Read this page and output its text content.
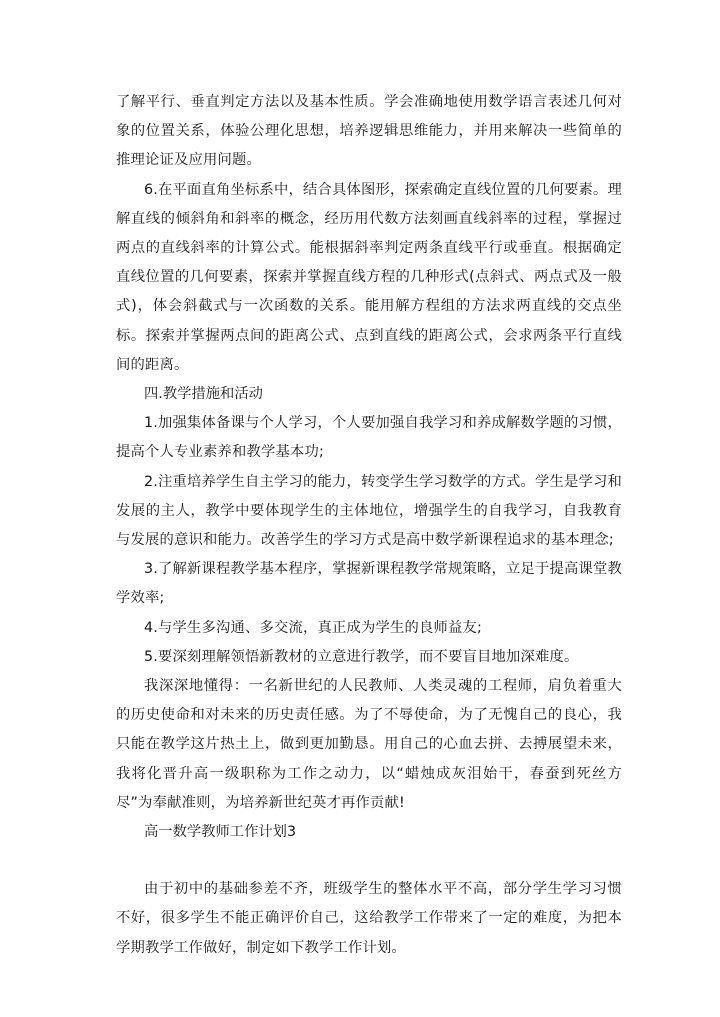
了解平行、垂直判定方法以及基本性质。学会准确地使用数学语言表述几何对象的位置关系，体验公理化思想，培养逻辑思维能力，并用来解决一些简单的推理论证及应用问题。

6.在平面直角坐标系中，结合具体图形，探索确定直线位置的几何要素。理解直线的倾斜角和斜率的概念，经历用代数方法刻画直线斜率的过程，掌握过两点的直线斜率的计算公式。能根据斜率判定两条直线平行或垂直。根据确定直线位置的几何要素，探索并掌握直线方程的几种形式(点斜式、两点式及一般式)，体会斜截式与一次函数的关系。能用解方程组的方法求两直线的交点坐标。探索并掌握两点间的距离公式、点到直线的距离公式，会求两条平行直线间的距离。

四.教学措施和活动

1.加强集体备课与个人学习，个人要加强自我学习和养成解数学题的习惯，提高个人专业素养和教学基本功;

2.注重培养学生自主学习的能力，转变学生学习数学的方式。学生是学习和发展的主人，教学中要体现学生的主体地位，增强学生的自我学习，自我教育与发展的意识和能力。改善学生的学习方式是高中数学新课程追求的基本理念;

3.了解新课程教学基本程序，掌握新课程教学常规策略，立足于提高课堂教学效率;

4.与学生多沟通、多交流，真正成为学生的良师益友;

5.要深刻理解领悟新教材的立意进行教学，而不要盲目地加深难度。

我深深地懂得：一名新世纪的人民教师、人类灵魂的工程师，肩负着重大的历史使命和对未来的历史责任感。为了不辱使命，为了无愧自己的良心，我只能在教学这片热土上，做到更加勤恳。用自己的心血去拼、去搏展望未来，我将化晋升高一级职称为工作之动力，以“蜡烛成灰泪始干，春蚕到死丝方尽”为奉献准则，为培养新世纪英才再作贡献!

高一数学教师工作计划3

由于初中的基础参差不齐，班级学生的整体水平不高，部分学生学习习惯不好，很多学生不能正确评价自己，这给教学工作带来了一定的难度，为把本学期教学工作做好，制定如下教学工作计划。
